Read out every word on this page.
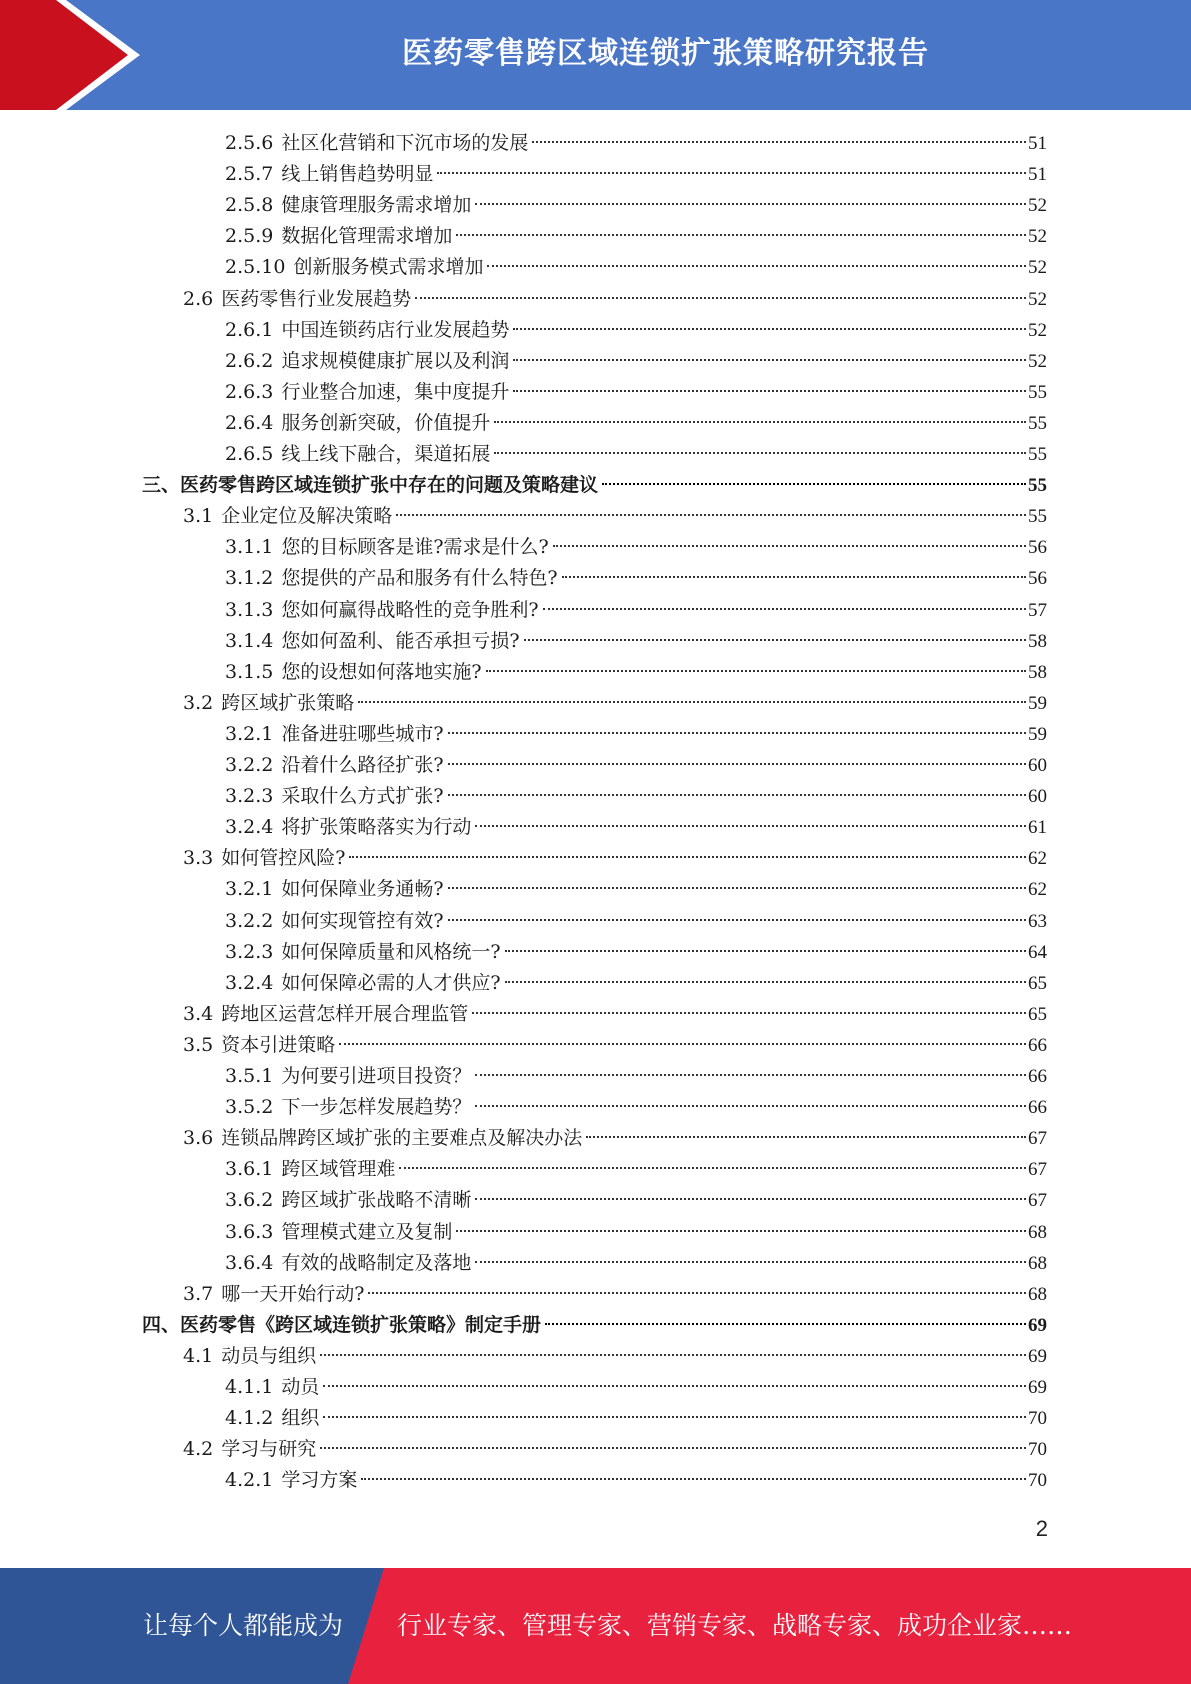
医药零售跨区域连锁扩张策略研究报告
2.5.6 社区化营销和下沉市场的发展	51
2.5.7 线上销售趋势明显	51
2.5.8 健康管理服务需求增加	52
2.5.9 数据化管理需求增加	52
2.5.10 创新服务模式需求增加	52
2.6 医药零售行业发展趋势	52
2.6.1 中国连锁药店行业发展趋势	52
2.6.2 追求规模健康扩展以及利润	52
2.6.3 行业整合加速，集中度提升	55
2.6.4 服务创新突破，价值提升	55
2.6.5 线上线下融合，渠道拓展	55
三、医药零售跨区域连锁扩张中存在的问题及策略建议	55
3.1 企业定位及解决策略	55
3.1.1 您的目标顾客是谁?需求是什么?	56
3.1.2 您提供的产品和服务有什么特色?	56
3.1.3 您如何赢得战略性的竞争胜利?	57
3.1.4 您如何盈利、能否承担亏损?	58
3.1.5 您的设想如何落地实施?	58
3.2 跨区域扩张策略	59
3.2.1 准备进驻哪些城市?	59
3.2.2 沿着什么路径扩张?	60
3.2.3 采取什么方式扩张?	60
3.2.4 将扩张策略落实为行动	61
3.3 如何管控风险?	62
3.2.1 如何保障业务通畅?	62
3.2.2 如何实现管控有效?	63
3.2.3 如何保障质量和风格统一?	64
3.2.4 如何保障必需的人才供应?	65
3.4 跨地区运营怎样开展合理监管	65
3.5 资本引进策略	66
3.5.1 为何要引进项目投资？	66
3.5.2 下一步怎样发展趋势？	66
3.6 连锁品牌跨区域扩张的主要难点及解决办法	67
3.6.1 跨区域管理难	67
3.6.2 跨区域扩张战略不清晰	67
3.6.3 管理模式建立及复制	68
3.6.4 有效的战略制定及落地	68
3.7 哪一天开始行动?	68
四、医药零售《跨区域连锁扩张策略》制定手册	69
4.1 动员与组织	69
4.1.1 动员	69
4.1.2 组织	70
4.2 学习与研究	70
4.2.1 学习方案	70
2
让每个人都能成为 行业专家、管理专家、营销专家、战略专家、成功企业家……
